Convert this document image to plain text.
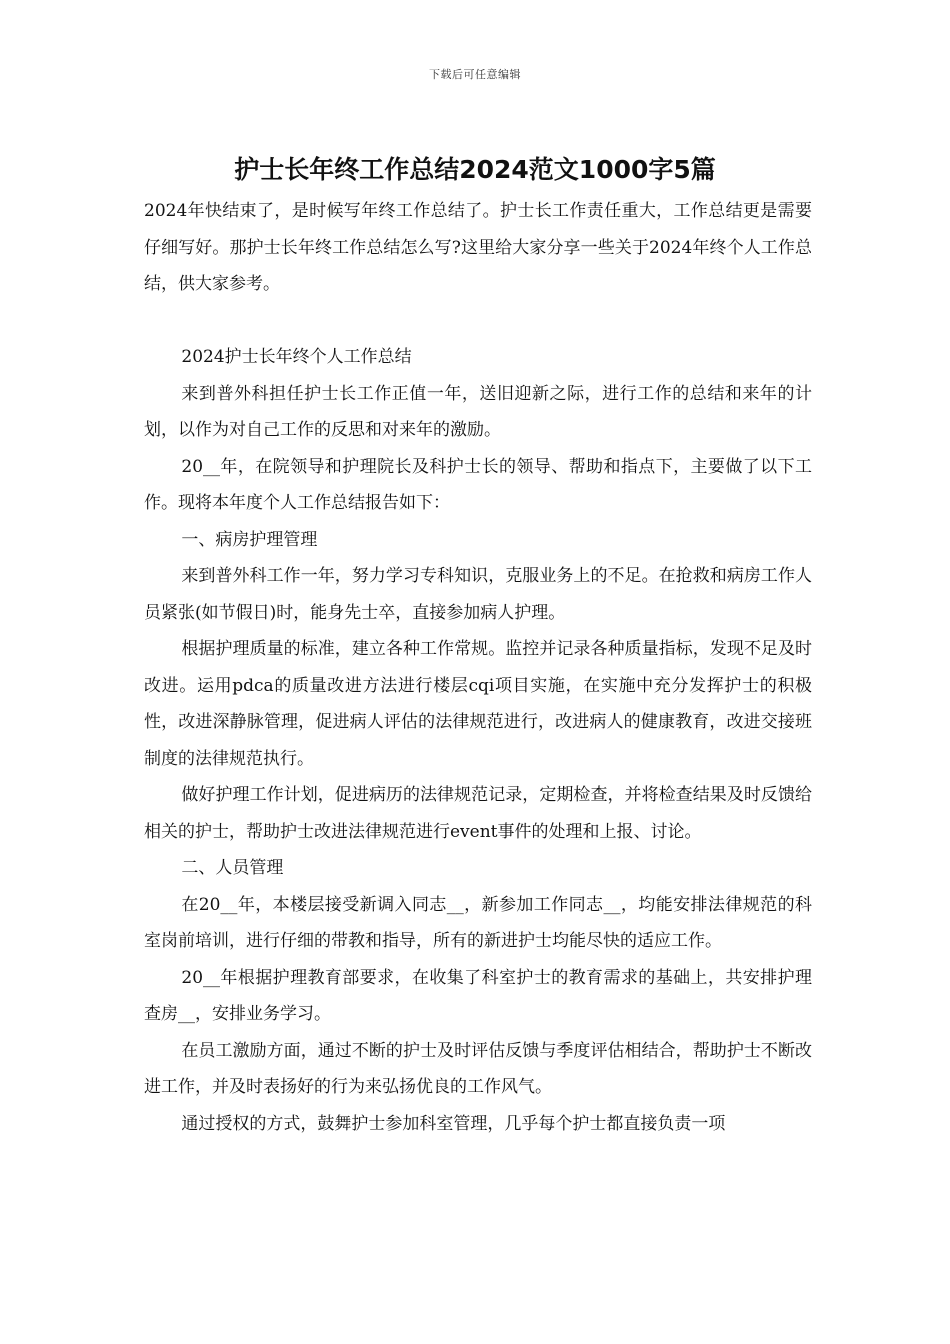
下载后可任意编辑
护士长年终工作总结2024范文1000字5篇

2024年快结束了，是时候写年终工作总结了。护士长工作责任重大，工作总结更是需要仔细写好。那护士长年终工作总结怎么写?这里给大家分享一些关于2024年终个人工作总结，供大家参考。

2024护士长年终个人工作总结

来到普外科担任护士长工作正值一年，送旧迎新之际，进行工作的总结和来年的计划，以作为对自己工作的反思和对来年的激励。

20__年，在院领导和护理院长及科护士长的领导、帮助和指点下，主要做了以下工作。现将本年度个人工作总结报告如下：

一、病房护理管理

来到普外科工作一年，努力学习专科知识，克服业务上的不足。在抢救和病房工作人员紧张(如节假日)时，能身先士卒，直接参加病人护理。

根据护理质量的标准，建立各种工作常规。监控并记录各种质量指标，发现不足及时改进。运用pdca的质量改进方法进行楼层cqi项目实施，在实施中充分发挥护士的积极性，改进深静脉管理，促进病人评估的法律规范进行，改进病人的健康教育，改进交接班制度的法律规范执行。

做好护理工作计划，促进病历的法律规范记录，定期检查，并将检查结果及时反馈给相关的护士，帮助护士改进法律规范进行event事件的处理和上报、讨论。

二、人员管理

在20__年，本楼层接受新调入同志__，新参加工作同志__，均能安排法律规范的科室岗前培训，进行仔细的带教和指导，所有的新进护士均能尽快的适应工作。

20__年根据护理教育部要求，在收集了科室护士的教育需求的基础上，共安排护理查房__，安排业务学习。

在员工激励方面，通过不断的护士及时评估反馈与季度评估相结合，帮助护士不断改进工作，并及时表扬好的行为来弘扬优良的工作风气。

通过授权的方式，鼓舞护士参加科室管理，几乎每个护士都直接负责一项
